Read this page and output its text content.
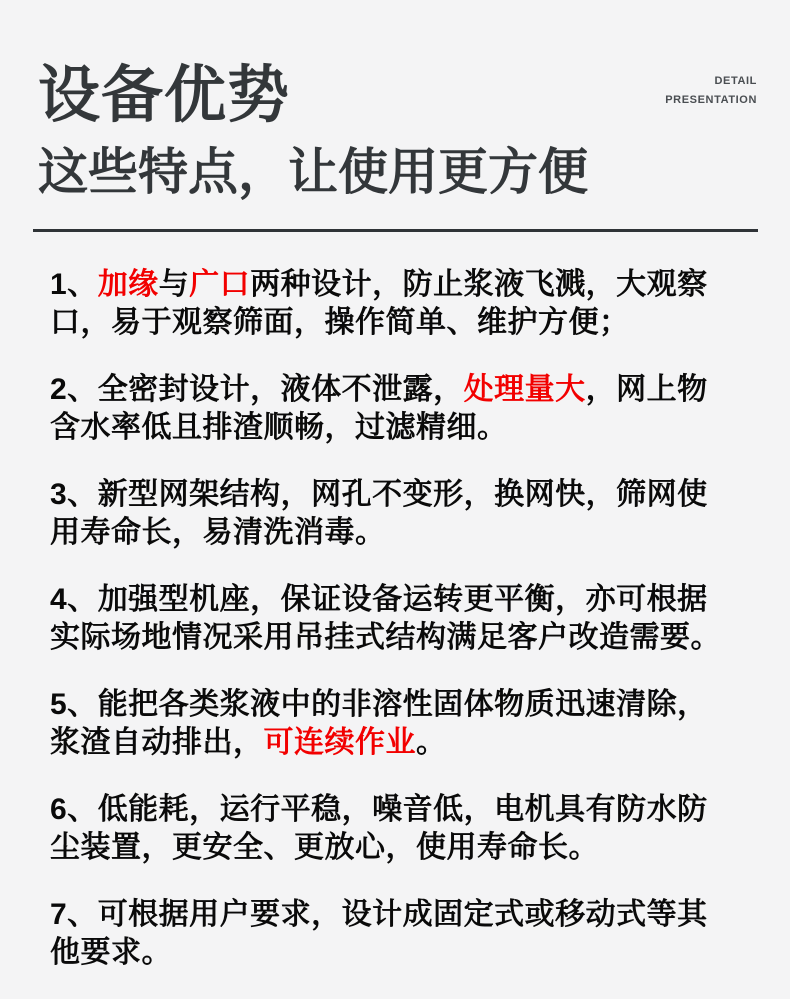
DETAIL
PRESENTATION
设备优势
这些特点，让使用更方便

1、加缘与广口两种设计，防止浆液飞溅，大观察口，易于观察筛面，操作简单、维护方便；

2、全密封设计，液体不泄露，处理量大，网上物含水率低且排渣顺畅，过滤精细。

3、新型网架结构，网孔不变形，换网快，筛网使用寿命长，易清洗消毒。

4、加强型机座，保证设备运转更平衡，亦可根据实际场地情况采用吊挂式结构满足客户改造需要。

5、能把各类浆液中的非溶性固体物质迅速清除，浆渣自动排出，可连续作业。

6、低能耗，运行平稳，噪音低，电机具有防水防尘装置，更安全、更放心，使用寿命长。

7、可根据用户要求，设计成固定式或移动式等其他要求。
